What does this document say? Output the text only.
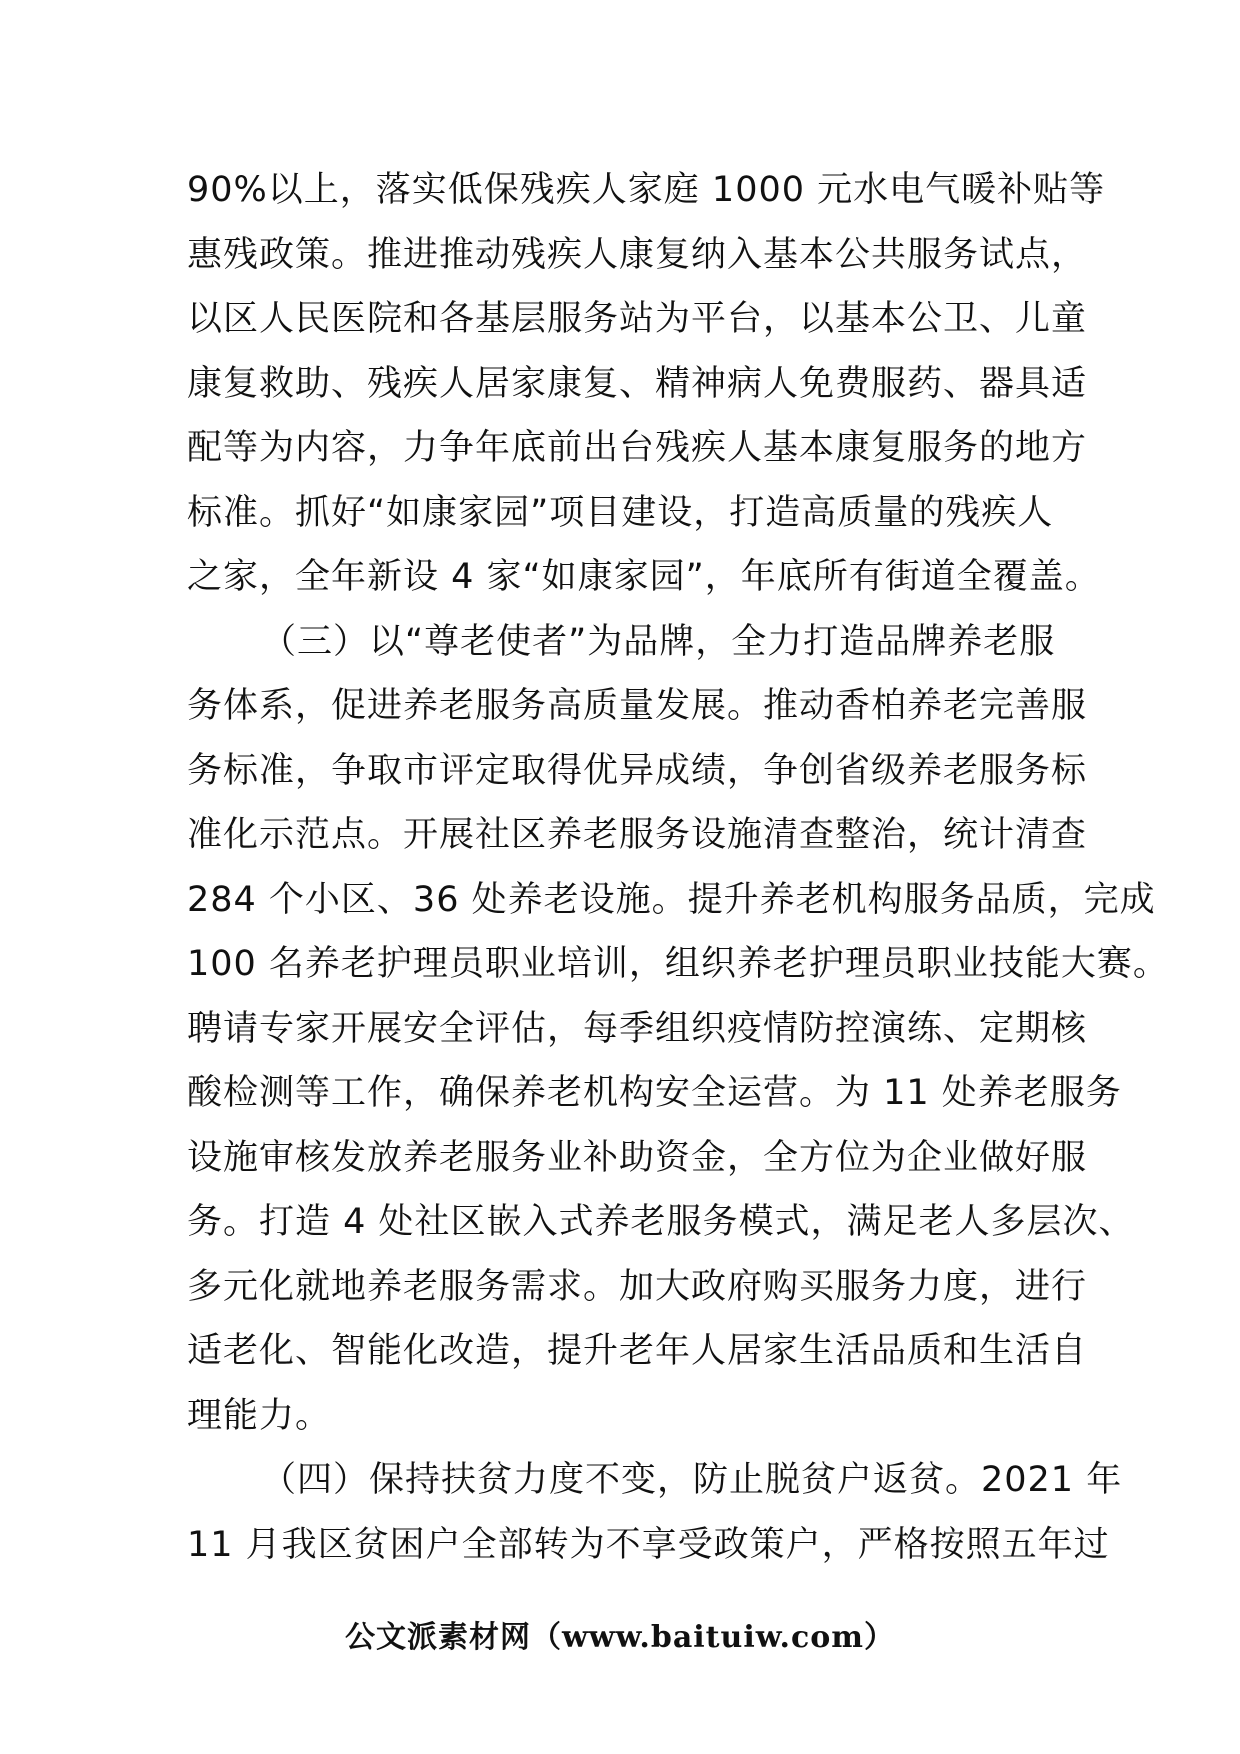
90%以上，落实低保残疾人家庭 1000 元水电气暖补贴等
惠残政策。推进推动残疾人康复纳入基本公共服务试点，
以区人民医院和各基层服务站为平台，以基本公卫、儿童
康复救助、残疾人居家康复、精神病人免费服药、器具适
配等为内容，力争年底前出台残疾人基本康复服务的地方
标准。抓好“如康家园”项目建设，打造高质量的残疾人
之家，全年新设 4 家“如康家园”，年底所有街道全覆盖。
（三）以“尊老使者”为品牌，全力打造品牌养老服
务体系，促进养老服务高质量发展。推动香柏养老完善服
务标准，争取市评定取得优异成绩，争创省级养老服务标
准化示范点。开展社区养老服务设施清查整治，统计清查
284 个小区、36 处养老设施。提升养老机构服务品质，完成
100 名养老护理员职业培训，组织养老护理员职业技能大赛。
聘请专家开展安全评估，每季组织疫情防控演练、定期核
酸检测等工作，确保养老机构安全运营。为 11 处养老服务
设施审核发放养老服务业补助资金，全方位为企业做好服
务。打造 4 处社区嵌入式养老服务模式，满足老人多层次、
多元化就地养老服务需求。加大政府购买服务力度，进行
适老化、智能化改造，提升老年人居家生活品质和生活自
理能力。
（四）保持扶贫力度不变，防止脱贫户返贫。2021 年
11 月我区贫困户全部转为不享受政策户，严格按照五年过
公文派素材网（www.baituiw.com）
